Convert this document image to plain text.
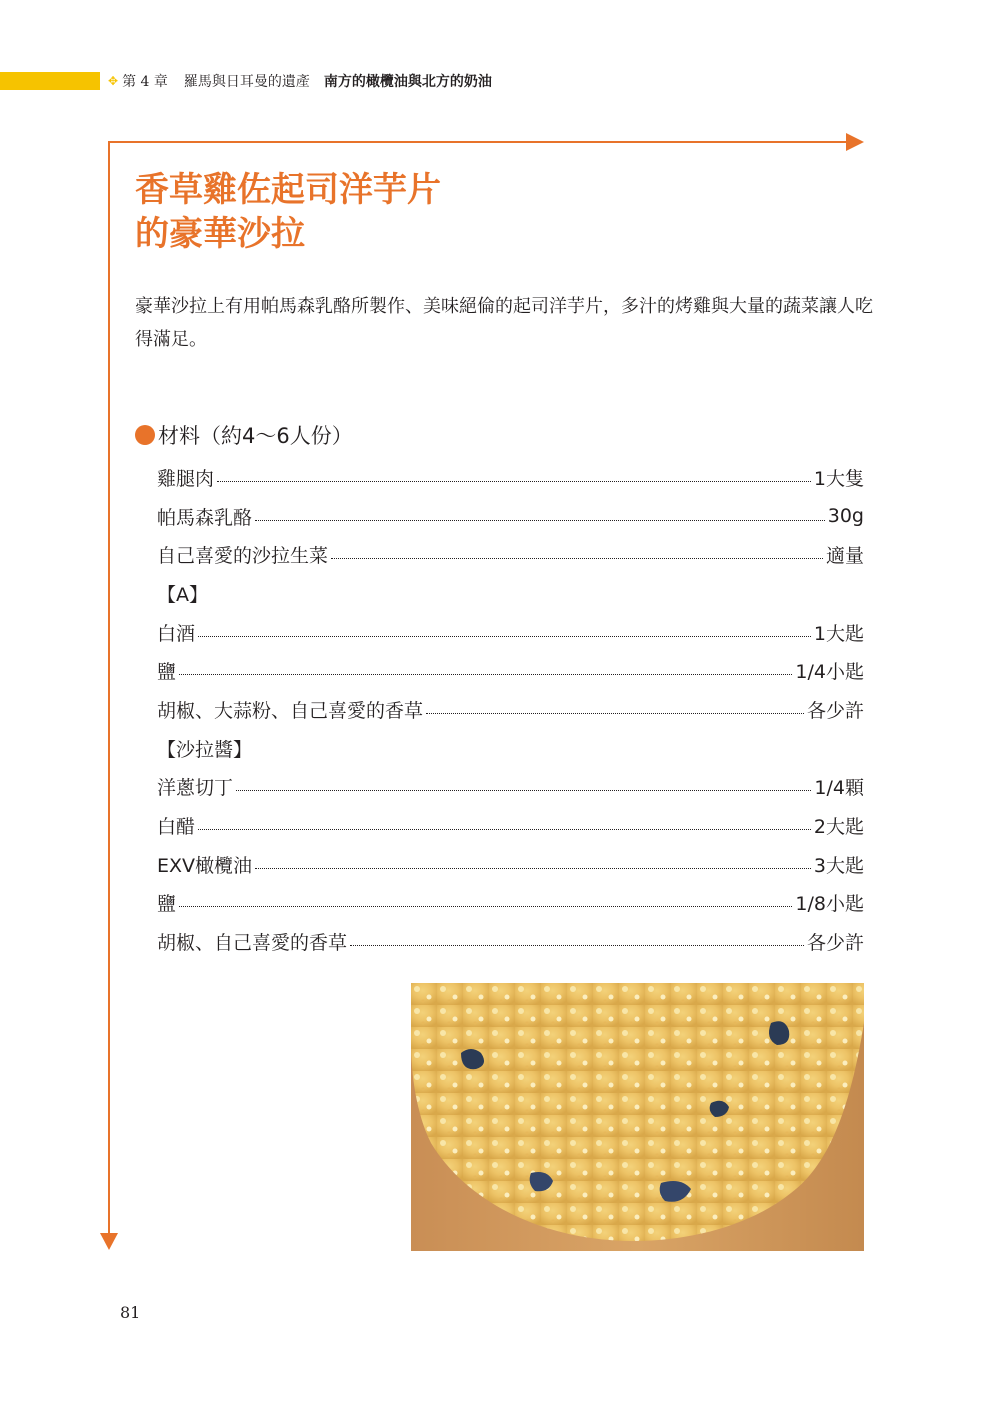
✥ 第 4 章 羅馬與日耳曼的遺產 南方的橄欖油與北方的奶油
香草雞佐起司洋芋片
的豪華沙拉
豪華沙拉上有用帕馬森乳酪所製作、美味絕倫的起司洋芋片，多汁的烤雞與大量的蔬菜讓人吃得滿足。
材料（約4～6人份）
雞腿肉	1大隻
帕馬森乳酪	30g
自己喜愛的沙拉生菜	適量
【A】
白酒	1大匙
鹽	1/4小匙
胡椒、大蒜粉、自己喜愛的香草	各少許
【沙拉醬】
洋蔥切丁	1/4顆
白醋	2大匙
EXV橄欖油	3大匙
鹽	1/8小匙
胡椒、自己喜愛的香草	各少許
81
